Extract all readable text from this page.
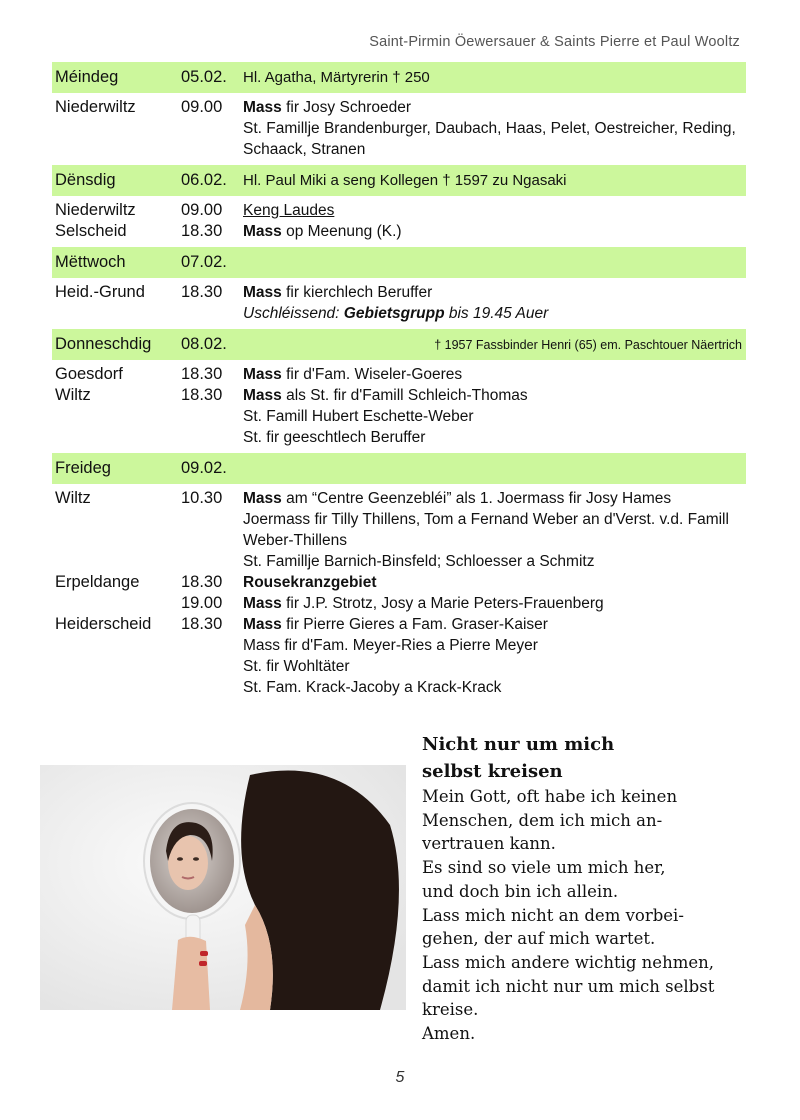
Saint-Pirmin Öewersauer & Saints Pierre et Paul Wooltz
Méindeg	05.02.	Hl. Agatha, Märtyrerin † 250
Niederwiltz	09.00	Mass fir Josy Schroeder
St. Famillje Brandenburger, Daubach, Haas, Pelet, Oestreicher, Reding,
Schaack, Stranen
Dënsdig	06.02.	Hl. Paul Miki a seng Kollegen † 1597 zu Ngasaki
Niederwiltz	09.00	Keng Laudes
Selscheid	18.30	Mass op Meenung (K.)
Mëttwoch	07.02.
Heid.-Grund	18.30	Mass fir kierchlech Beruffer
Uschléissend: Gebietsgrupp bis 19.45 Auer
Donneschdig	08.02.	† 1957 Fassbinder Henri (65) em. Paschtouer Näertrich
Goesdorf	18.30	Mass fir d'Fam. Wiseler-Goeres
Wiltz	18.30	Mass als St. fir d'Famill Schleich-Thomas
St. Famill Hubert Eschette-Weber
St. fir geeschtlech Beruffer
Freideg	09.02.
Wiltz	10.30	Mass am “Centre Geenzebléi” als 1. Joermass fir Josy Hames
Joermass fir Tilly Thillens, Tom a Fernand Weber an d'Verst. v.d. Famill
Weber-Thillens
St. Famillje Barnich-Binsfeld; Schloesser a Schmitz
Erpeldange	18.30	Rousekranzgebiet
19.00	Mass fir J.P. Strotz, Josy a Marie Peters-Frauenberg
Heiderscheid	18.30	Mass fir Pierre Gieres a Fam. Graser-Kaiser
Mass fir d'Fam. Meyer-Ries a Pierre Meyer
St. fir Wohltäter
St. Fam. Krack-Jacoby a Krack-Krack
Nicht nur um mich
selbst kreisen
Mein Gott, oft habe ich keinen
Menschen, dem ich mich an-
vertrauen kann.
Es sind so viele um mich her,
und doch bin ich allein.
Lass mich nicht an dem vorbei-
gehen, der auf mich wartet.
Lass mich andere wichtig nehmen,
damit ich nicht nur um mich selbst
kreise.
Amen.
5
